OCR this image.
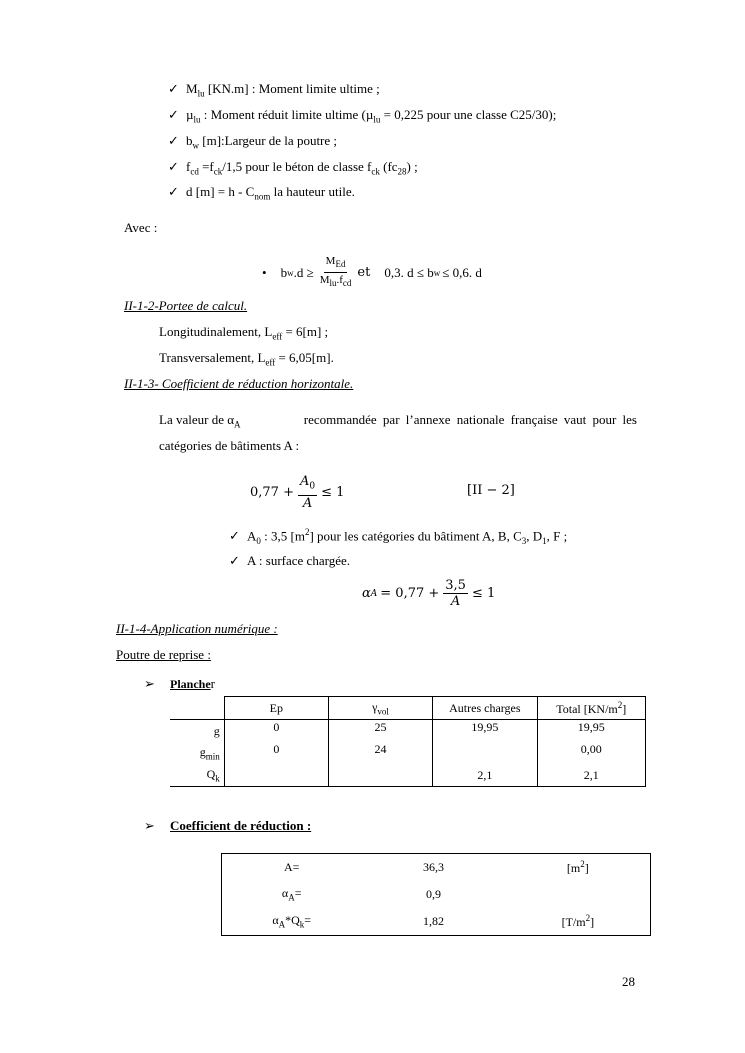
✓ $M_{lu}$ [KN.m] : Moment limite ultime ;
✓ µ$_{lu}$ : Moment réduit limite ultime (µ$_{lu}$ = 0,225 pour une classe C25/30);
✓ $b_w$ [m]:Largeur de la poutre ;
✓ $f_{cd} =f_{ck}/1,5$ pour le béton de classe $f_{ck}$ $(fc_{28})$ ;
✓ d $[m] = h - C_{nom}$ la hauteur utile.
Avec :
• b w $.d \ge \frac{M_{Ed}}{M_{lu}.f_{cd}}$ et 0,3. d ≤ b w ≤ 0,6. d
II-1-2-Portee de calcul.
Longitudinalement, $L_{eff} = 6[m]$ ;
Transversalement, $L_{eff} = 6,05[m]$.
II-1-3- Coefficient de réduction horizontale.
La valeur de $\alpha_A$	recommandée par l’annexe nationale française vaut pour les
catégories de bâtiments A :
$0,77 + \frac{A_0}{A} \le 1$	[II − 2]
✓ $A_0$ : 3,5 $[m^2]$ pour les catégories du bâtiment A, B, $C_3$, $D_1$, F ;
✓ A : surface chargée.
α $A = 0,77 + \frac{3,5}{A} \le 1$
II-1-4-Application numérique :
Poutre de reprise :
➢ Plancher
	Ep	$\gamma_{vol}$	Autres charges	Total $[KN/m^2]$
g	0	25	19,95	19,95
$g_{min}$	0	24		0,00
$Q_k$			2,1	2,1
➢ Coefficient de réduction :
A=	36,3	$[m^2]$
$\alpha_A=$	0,9	
$\alpha_A*Q_k=$	1,82	$[T/m^2]$
28
